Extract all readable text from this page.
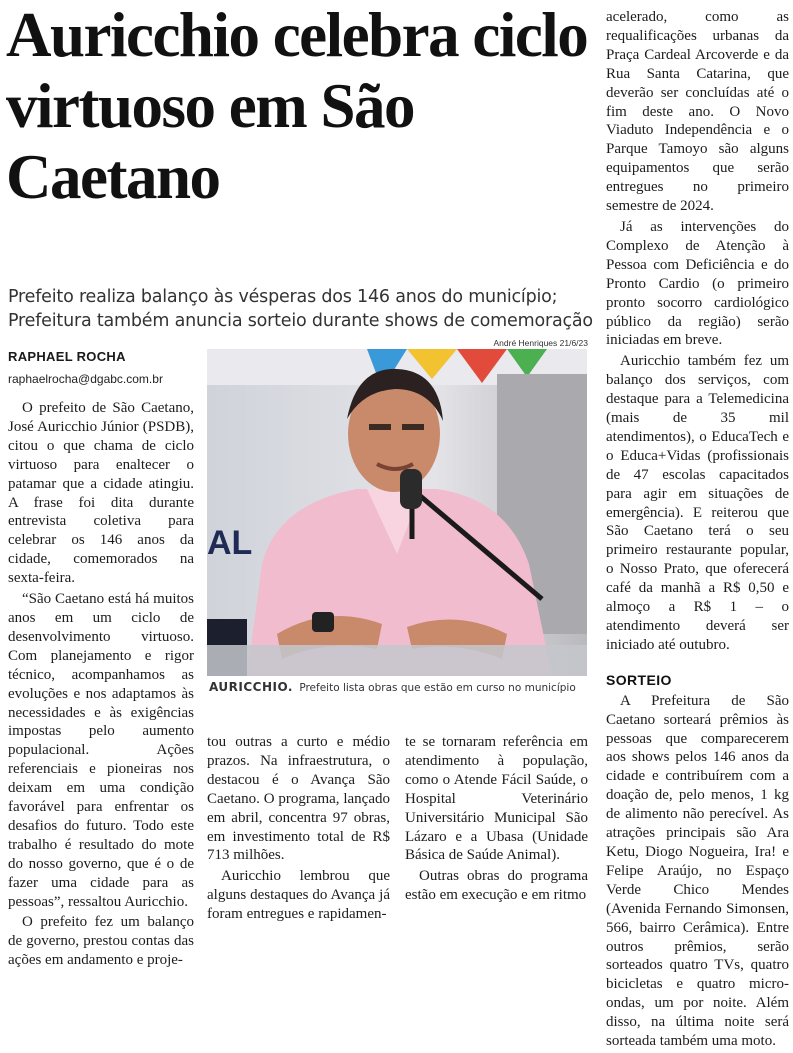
Auricchio celebra ciclo virtuoso em São Caetano
Prefeito realiza balanço às vésperas dos 146 anos do município; Prefeitura também anuncia sorteio durante shows de comemoração
RAPHAEL ROCHA
raphaelrocha@dgabc.com.br

O prefeito de São Caetano, José Auricchio Júnior (PSDB), citou o que chama de ciclo virtuoso para enaltecer o patamar que a cidade atingiu. A frase foi dita durante entrevista coletiva para celebrar os 146 anos da cidade, comemorados na sexta-feira.

“São Caetano está há muitos anos em um ciclo de desenvolvimento virtuoso. Com planejamento e rigor técnico, acompanhamos as evoluções e nos adaptamos às necessidades e às exigências impostas pelo aumento populacional. Ações referenciais e pioneiras nos deixam em uma condição favorável para enfrentar os desafios do futuro. Todo este trabalho é resultado do mote do nosso governo, que é o de fazer uma cidade para as pessoas”, ressaltou Auricchio.

O prefeito fez um balanço de governo, prestou contas das ações em andamento e proje-

André Henriques 21/6/23
AL
AURICCHIO. Prefeito lista obras que estão em curso no município

tou outras a curto e médio prazos. Na infraestrutura, o destacou é o Avança São Caetano. O programa, lançado em abril, concentra 97 obras, em investimento total de R$ 713 milhões.

Auricchio lembrou que alguns destaques do Avança já foram entregues e rapidamen-

te se tornaram referência em atendimento à população, como o Atende Fácil Saúde, o Hospital Veterinário Universitário Municipal São Lázaro e a Ubasa (Unidade Básica de Saúde Animal).

Outras obras do programa estão em execução e em ritmo

acelerado, como as requalificações urbanas da Praça Cardeal Arcoverde e da Rua Santa Catarina, que deverão ser concluídas até o fim deste ano. O Novo Viaduto Independência e o Parque Tamoyo são alguns equipamentos que serão entregues no primeiro semestre de 2024.

Já as intervenções do Complexo de Atenção à Pessoa com Deficiência e do Pronto Cardio (o primeiro pronto socorro cardiológico público da região) serão iniciadas em breve.

Auricchio também fez um balanço dos serviços, com destaque para a Telemedicina (mais de 35 mil atendimentos), o EducaTech e o Educa+Vidas (profissionais de 47 escolas capacitados para agir em situações de emergência). E reiterou que São Caetano terá o seu primeiro restaurante popular, o Nosso Prato, que oferecerá café da manhã a R$ 0,50 e almoço a R$ 1 – o atendimento deverá ser iniciado até outubro.

SORTEIO

A Prefeitura de São Caetano sorteará prêmios às pessoas que comparecerem aos shows pelos 146 anos da cidade e contribuírem com a doação de, pelo menos, 1 kg de alimento não perecível. As atrações principais são Ara Ketu, Diogo Nogueira, Ira! e Felipe Araújo, no Espaço Verde Chico Mendes (Avenida Fernando Simonsen, 566, bairro Cerâmica). Entre outros prêmios, serão sorteados quatro TVs, quatro bicicletas e quatro micro-ondas, um por noite. Além disso, na última noite será sorteada também uma moto.
